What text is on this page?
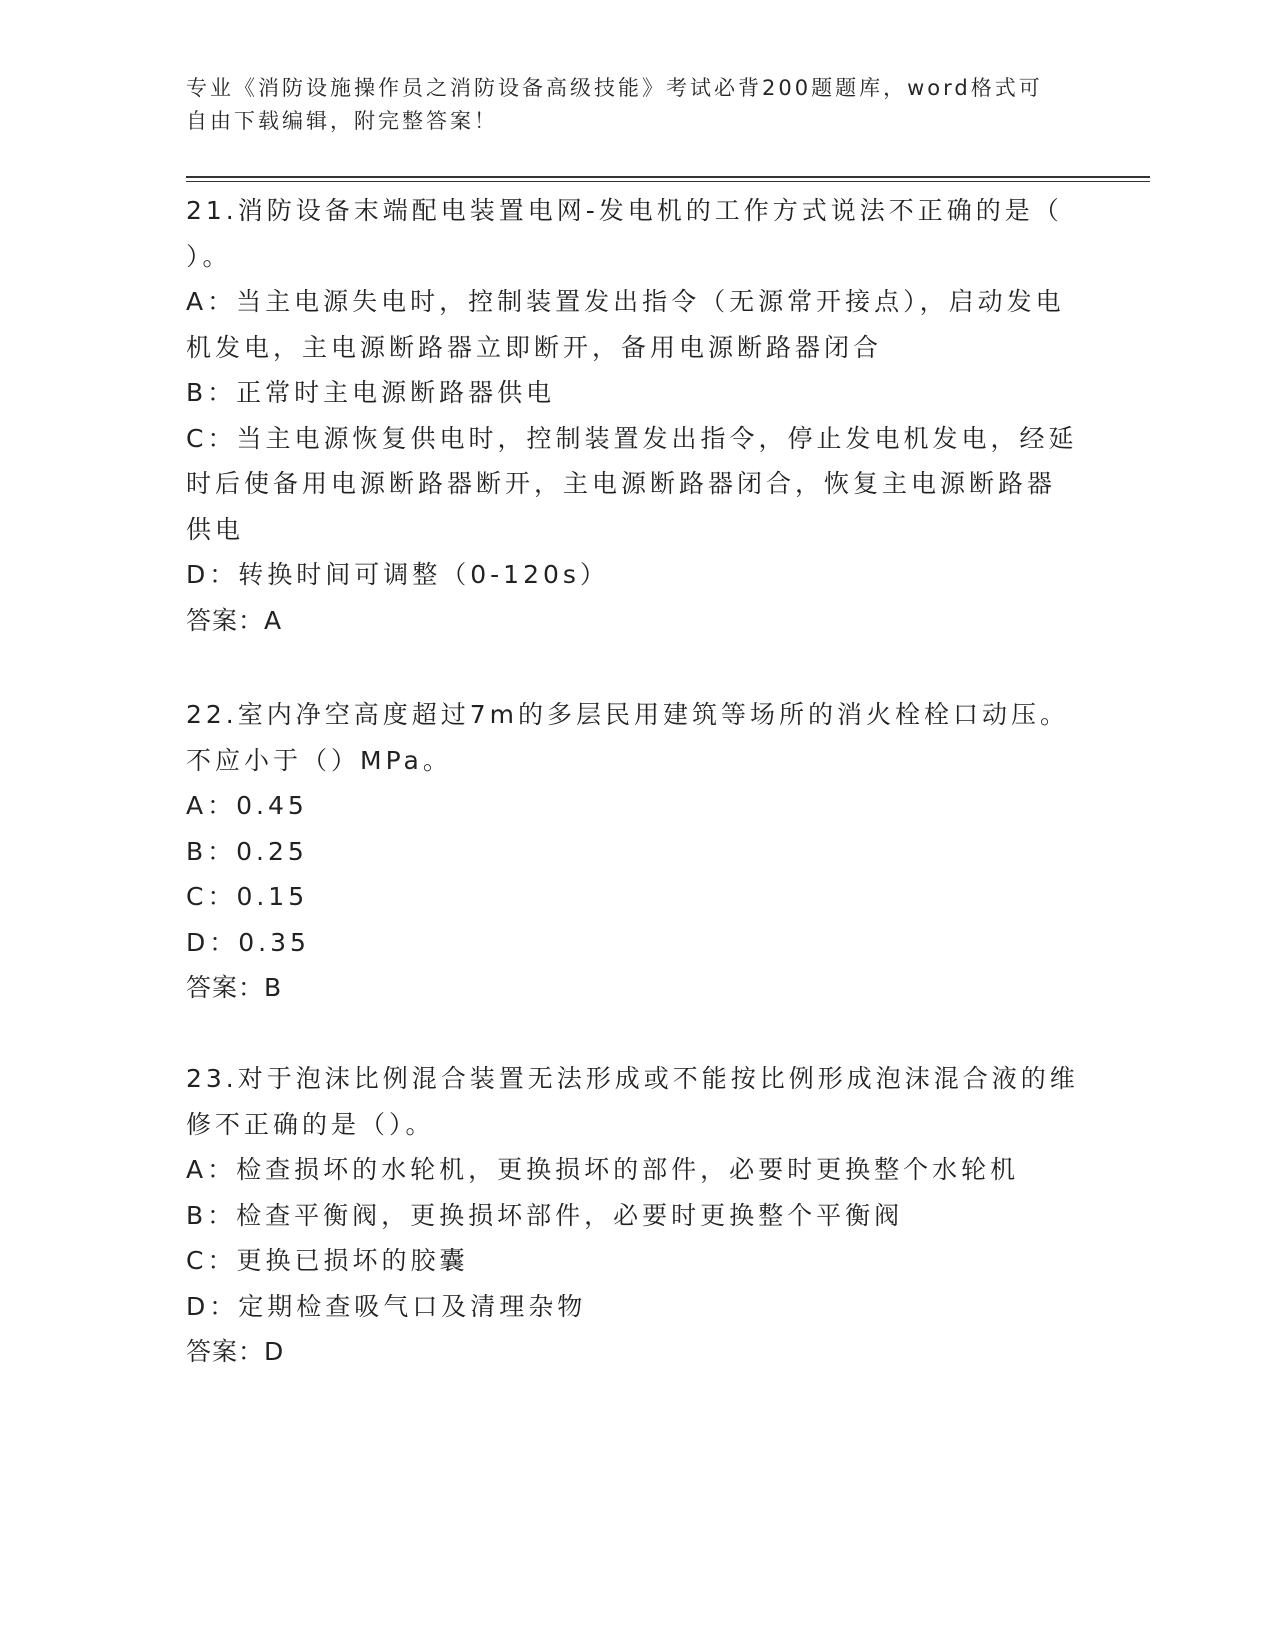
专业《消防设施操作员之消防设备高级技能》考试必背200题题库，word格式可

自由下载编辑，附完整答案！

21.消防设备末端配电装置电网-发电机的工作方式说法不正确的是（

）。

A：当主电源失电时，控制装置发出指令（无源常开接点），启动发电

机发电，主电源断路器立即断开，备用电源断路器闭合

B：正常时主电源断路器供电

C：当主电源恢复供电时，控制装置发出指令，停止发电机发电，经延

时后使备用电源断路器断开，主电源断路器闭合，恢复主电源断路器

供电

D：转换时间可调整（0-120s）

答案：A

22.室内净空高度超过7m的多层民用建筑等场所的消火栓栓口动压。

不应小于（）MPa。

A：0.45

B：0.25

C：0.15

D：0.35

答案：B

23.对于泡沫比例混合装置无法形成或不能按比例形成泡沫混合液的维

修不正确的是（）。

A：检查损坏的水轮机，更换损坏的部件，必要时更换整个水轮机

B：检查平衡阀，更换损坏部件，必要时更换整个平衡阀

C：更换已损坏的胶囊

D：定期检查吸气口及清理杂物

答案：D
